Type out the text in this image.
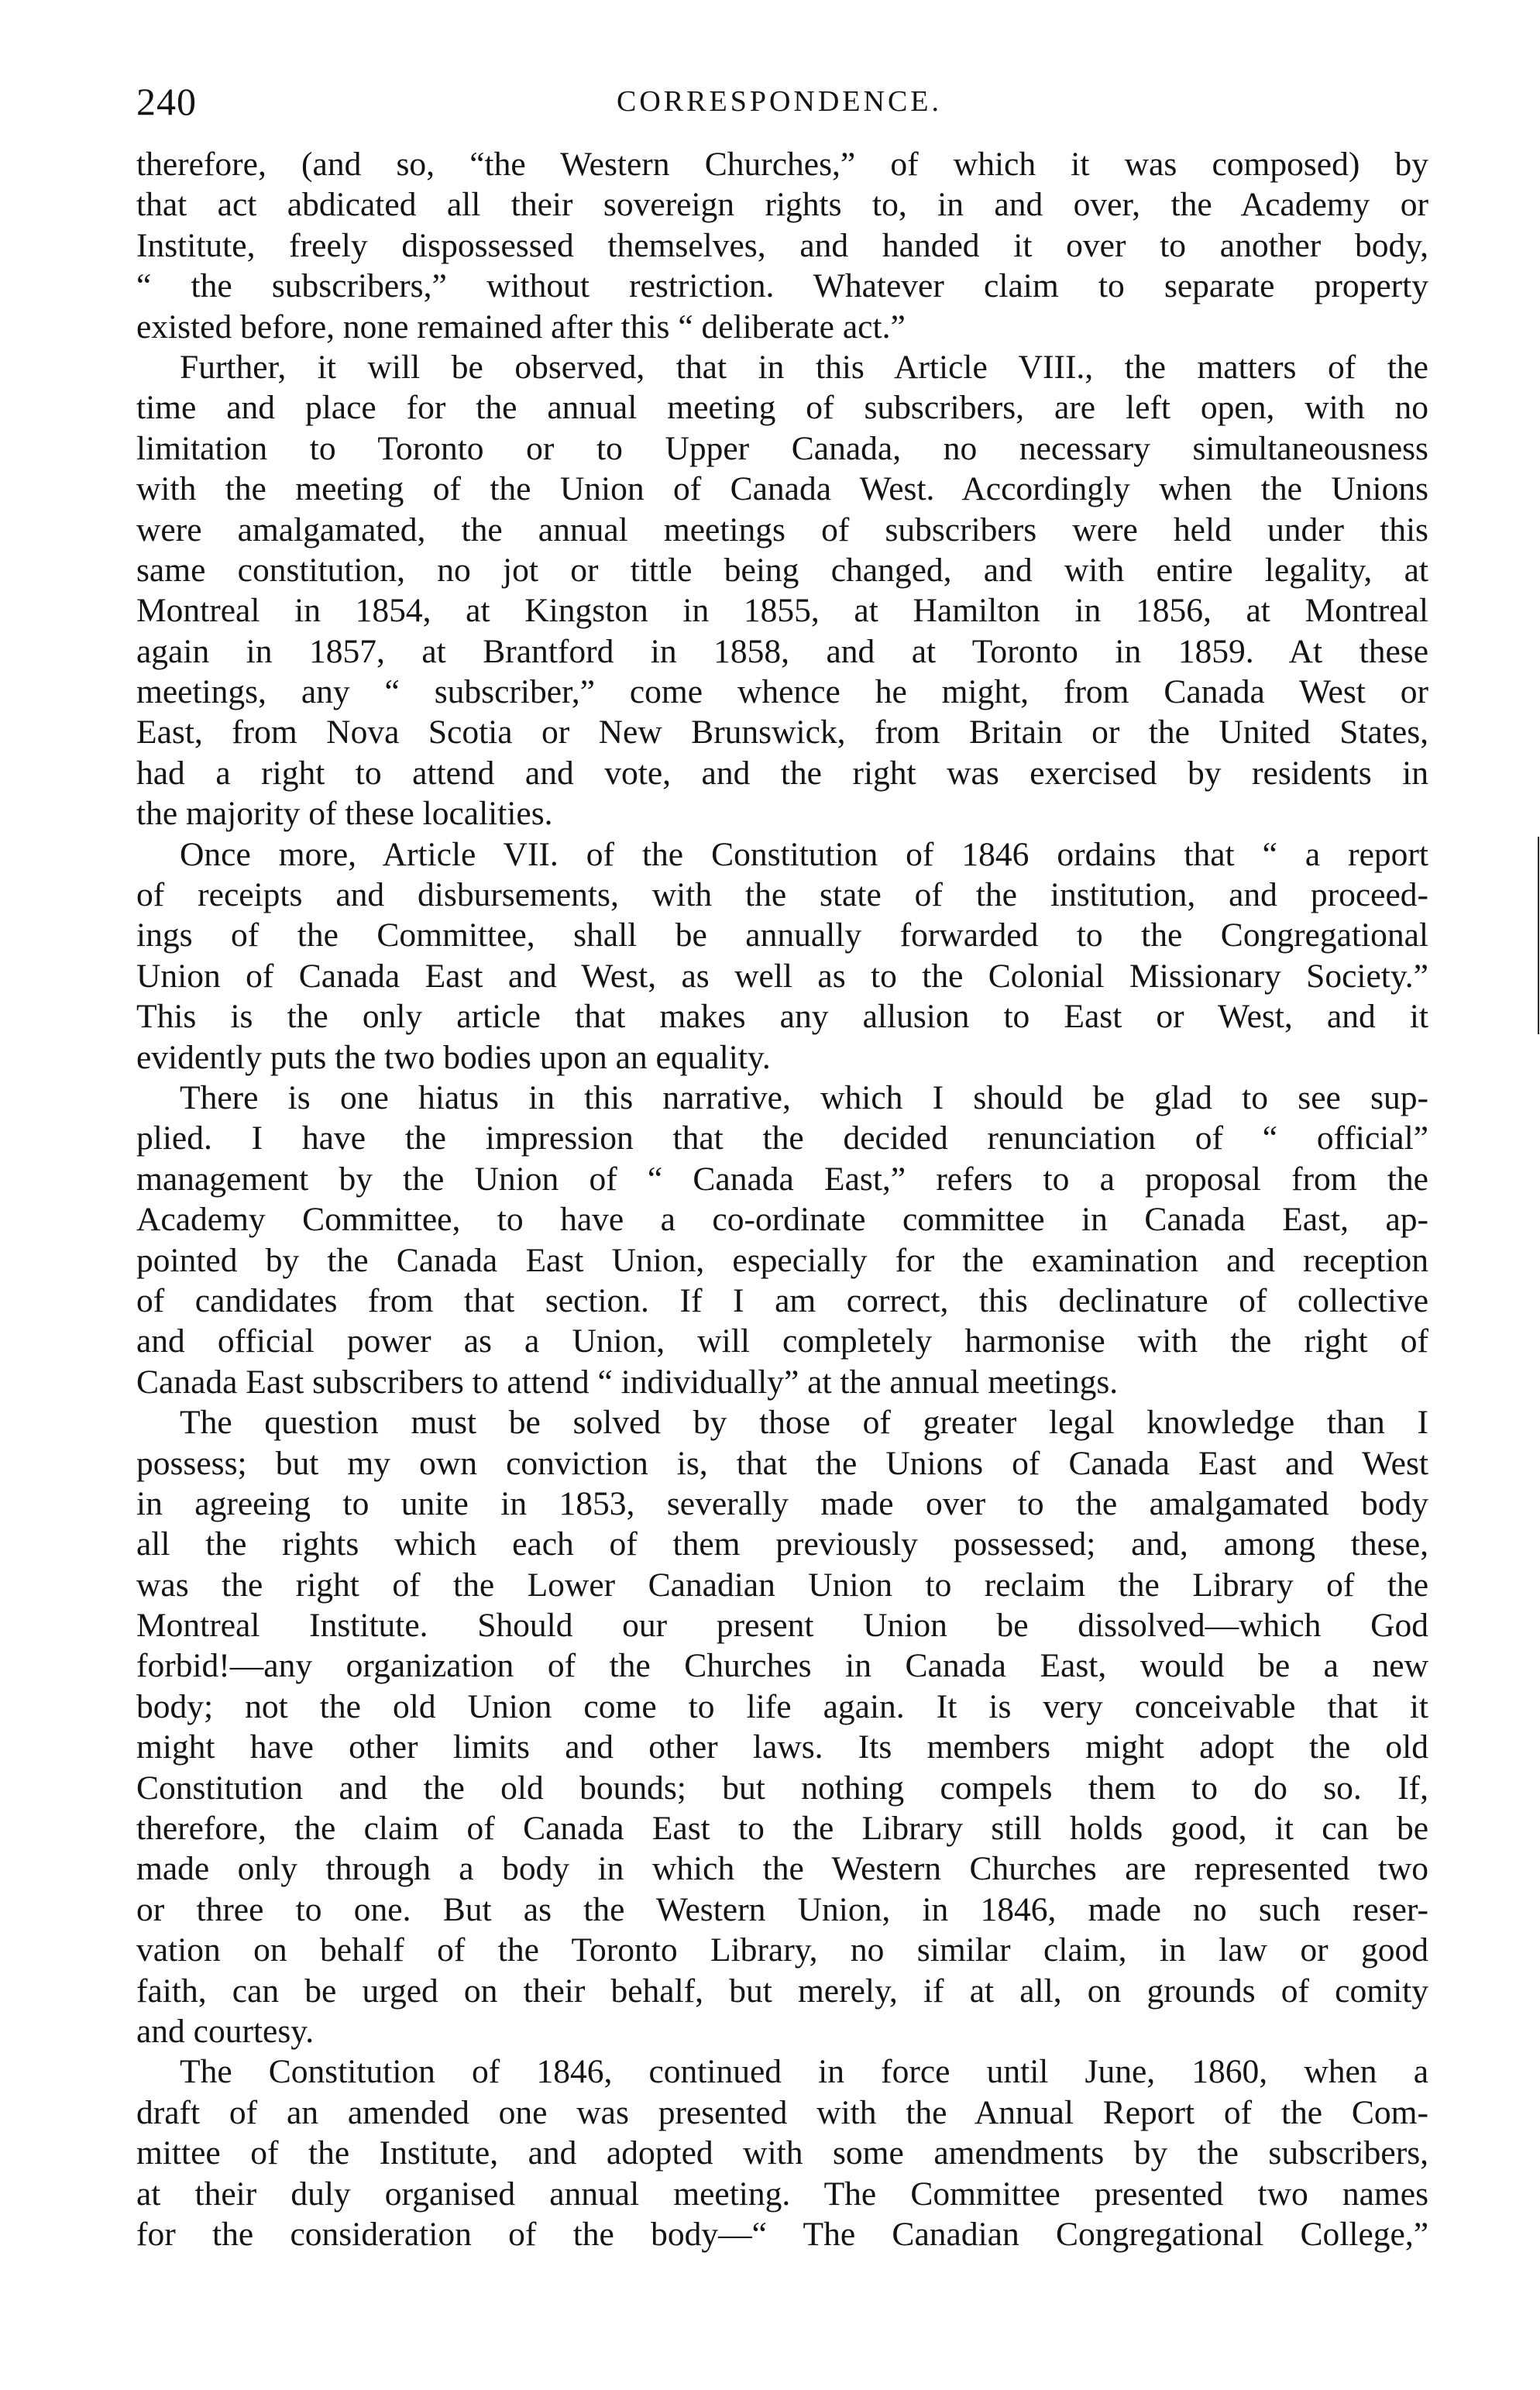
240	CORRESPONDENCE.
therefore, (and so, “the Western Churches,” of which it was composed) by
that act abdicated all their sovereign rights to, in and over, the Academy or
Institute, freely dispossessed themselves, and handed it over to another body,
“ the subscribers,” without restriction. Whatever claim to separate property
existed before, none remained after this “ deliberate act.”
Further, it will be observed, that in this Article VIII., the matters of the
time and place for the annual meeting of subscribers, are left open, with no
limitation to Toronto or to Upper Canada, no necessary simultaneousness
with the meeting of the Union of Canada West. Accordingly when the Unions
were amalgamated, the annual meetings of subscribers were held under this
same constitution, no jot or tittle being changed, and with entire legality, at
Montreal in 1854, at Kingston in 1855, at Hamilton in 1856, at Montreal
again in 1857, at Brantford in 1858, and at Toronto in 1859. At these
meetings, any “ subscriber,” come whence he might, from Canada West or
East, from Nova Scotia or New Brunswick, from Britain or the United States,
had a right to attend and vote, and the right was exercised by residents in
the majority of these localities.
Once more, Article VII. of the Constitution of 1846 ordains that “ a report
of receipts and disbursements, with the state of the institution, and proceed-
ings of the Committee, shall be annually forwarded to the Congregational
Union of Canada East and West, as well as to the Colonial Missionary Society.”
This is the only article that makes any allusion to East or West, and it
evidently puts the two bodies upon an equality.
There is one hiatus in this narrative, which I should be glad to see sup-
plied. I have the impression that the decided renunciation of “ official”
management by the Union of “ Canada East,” refers to a proposal from the
Academy Committee, to have a co-ordinate committee in Canada East, ap-
pointed by the Canada East Union, especially for the examination and reception
of candidates from that section. If I am correct, this declinature of collective
and official power as a Union, will completely harmonise with the right of
Canada East subscribers to attend “ individually” at the annual meetings.
The question must be solved by those of greater legal knowledge than I
possess; but my own conviction is, that the Unions of Canada East and West
in agreeing to unite in 1853, severally made over to the amalgamated body
all the rights which each of them previously possessed; and, among these,
was the right of the Lower Canadian Union to reclaim the Library of the
Montreal Institute. Should our present Union be dissolved—which God
forbid!—any organization of the Churches in Canada East, would be a new
body; not the old Union come to life again. It is very conceivable that it
might have other limits and other laws. Its members might adopt the old
Constitution and the old bounds; but nothing compels them to do so. If,
therefore, the claim of Canada East to the Library still holds good, it can be
made only through a body in which the Western Churches are represented two
or three to one. But as the Western Union, in 1846, made no such reser-
vation on behalf of the Toronto Library, no similar claim, in law or good
faith, can be urged on their behalf, but merely, if at all, on grounds of comity
and courtesy.
The Constitution of 1846, continued in force until June, 1860, when a
draft of an amended one was presented with the Annual Report of the Com-
mittee of the Institute, and adopted with some amendments by the subscribers,
at their duly organised annual meeting. The Committee presented two names
for the consideration of the body—“ The Canadian Congregational College,”
